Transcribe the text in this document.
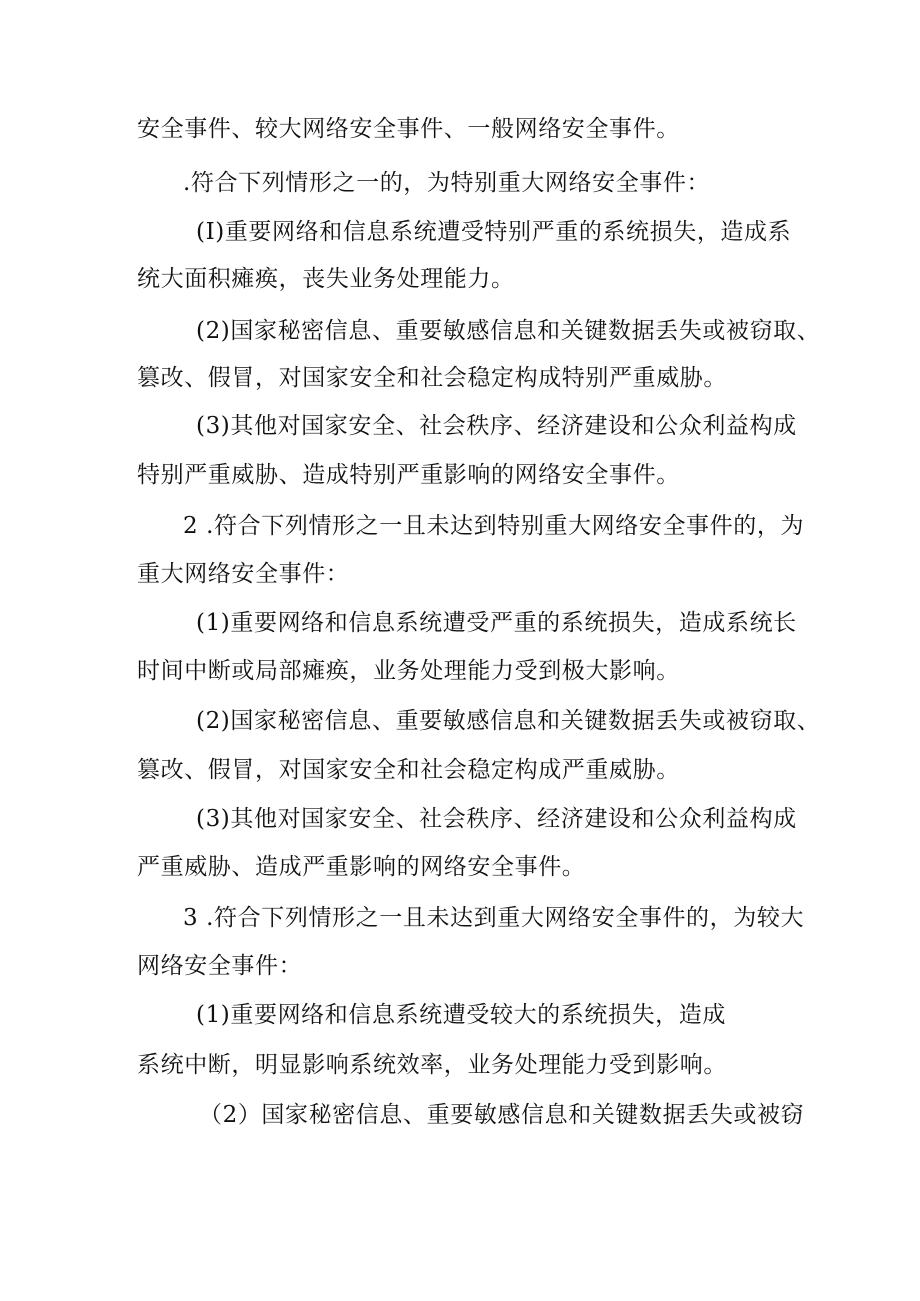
安全事件、较大网络安全事件、一般网络安全事件。

.符合下列情形之一的，为特别重大网络安全事件：

(I)重要网络和信息系统遭受特别严重的系统损失，造成系

统大面积瘫痪，丧失业务处理能力。

(2)国家秘密信息、重要敏感信息和关键数据丢失或被窃取、

篡改、假冒，对国家安全和社会稳定构成特别严重威胁。

(3)其他对国家安全、社会秩序、经济建设和公众利益构成

特别严重威胁、造成特别严重影响的网络安全事件。

2 .符合下列情形之一且未达到特别重大网络安全事件的，为

重大网络安全事件：

(1)重要网络和信息系统遭受严重的系统损失，造成系统长

时间中断或局部瘫痪，业务处理能力受到极大影响。

(2)国家秘密信息、重要敏感信息和关键数据丢失或被窃取、

篡改、假冒，对国家安全和社会稳定构成严重威胁。

(3)其他对国家安全、社会秩序、经济建设和公众利益构成

严重威胁、造成严重影响的网络安全事件。

3 .符合下列情形之一且未达到重大网络安全事件的，为较大

网络安全事件：

(1)重要网络和信息系统遭受较大的系统损失，造成

系统中断，明显影响系统效率，业务处理能力受到影响。

（2）国家秘密信息、重要敏感信息和关键数据丢失或被窃
